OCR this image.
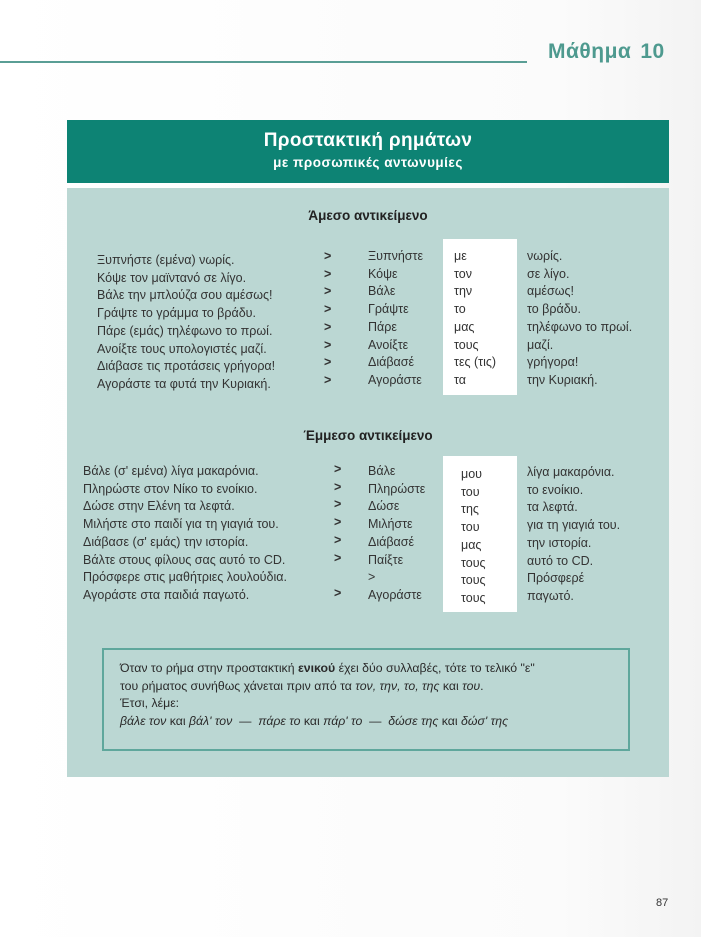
Μάθημα 10
Προστακτική ρημάτων
με προσωπικές αντωνυμίες
Άμεσο αντικείμενο
Ξυπνήστε (εμένα) νωρίς.
Κόψε τον μαϊντανό σε λίγο.
Βάλε την μπλούζα σου αμέσως!
Γράψτε το γράμμα το βράδυ.
Πάρε (εμάς) τηλέφωνο το πρωί.
Ανοίξτε τους υπολογιστές μαζί.
Διάβασε τις προτάσεις γρήγορα!
Αγοράστε τα φυτά την Κυριακή.
>
>
>
>
>
>
>
>
Ξυπνήστε
Κόψε
Βάλε
Γράψτε
Πάρε
Ανοίξτε
Διάβασέ
Αγοράστε
με
τον
την
το
μας
τους
τες (τις)
τα
νωρίς.
σε λίγο.
αμέσως!
το βράδυ.
τηλέφωνο το πρωί.
μαζί.
γρήγορα!
την Κυριακή.
Έμμεσο αντικείμενο
Βάλε (σ' εμένα) λίγα μακαρόνια.
Πληρώστε στον Νίκο το ενοίκιο.
Δώσε στην Ελένη τα λεφτά.
Μιλήστε στο παιδί για τη γιαγιά του.
Διάβασε (σ' εμάς) την ιστορία.
Βάλτε στους φίλους σας αυτό το CD.
Πρόσφερε στις μαθήτριες λουλούδια.
Αγοράστε στα παιδιά παγωτό.
>
>
>
>
>
>

>
Βάλε
Πληρώστε
Δώσε
Μιλήστε
Διάβασέ
Παίξτε
>
Αγοράστε
μου
του
της
του
μας
τους
τους
τους
λίγα μακαρόνια.
το ενοίκιο.
τα λεφτά.
για τη γιαγιά του.
την ιστορία.
αυτό το CD.
Πρόσφερέ
παγωτό.
Όταν το ρήμα στην προστακτική ενικού έχει δύο συλλαβές, τότε το τελικό "ε"
του ρήματος συνήθως χάνεται πριν από τα τον, την, το, της και του.
Έτσι, λέμε:
βάλε τον και βάλ' τον  —  πάρε το και πάρ' το  —  δώσε της και δώσ' της
87
